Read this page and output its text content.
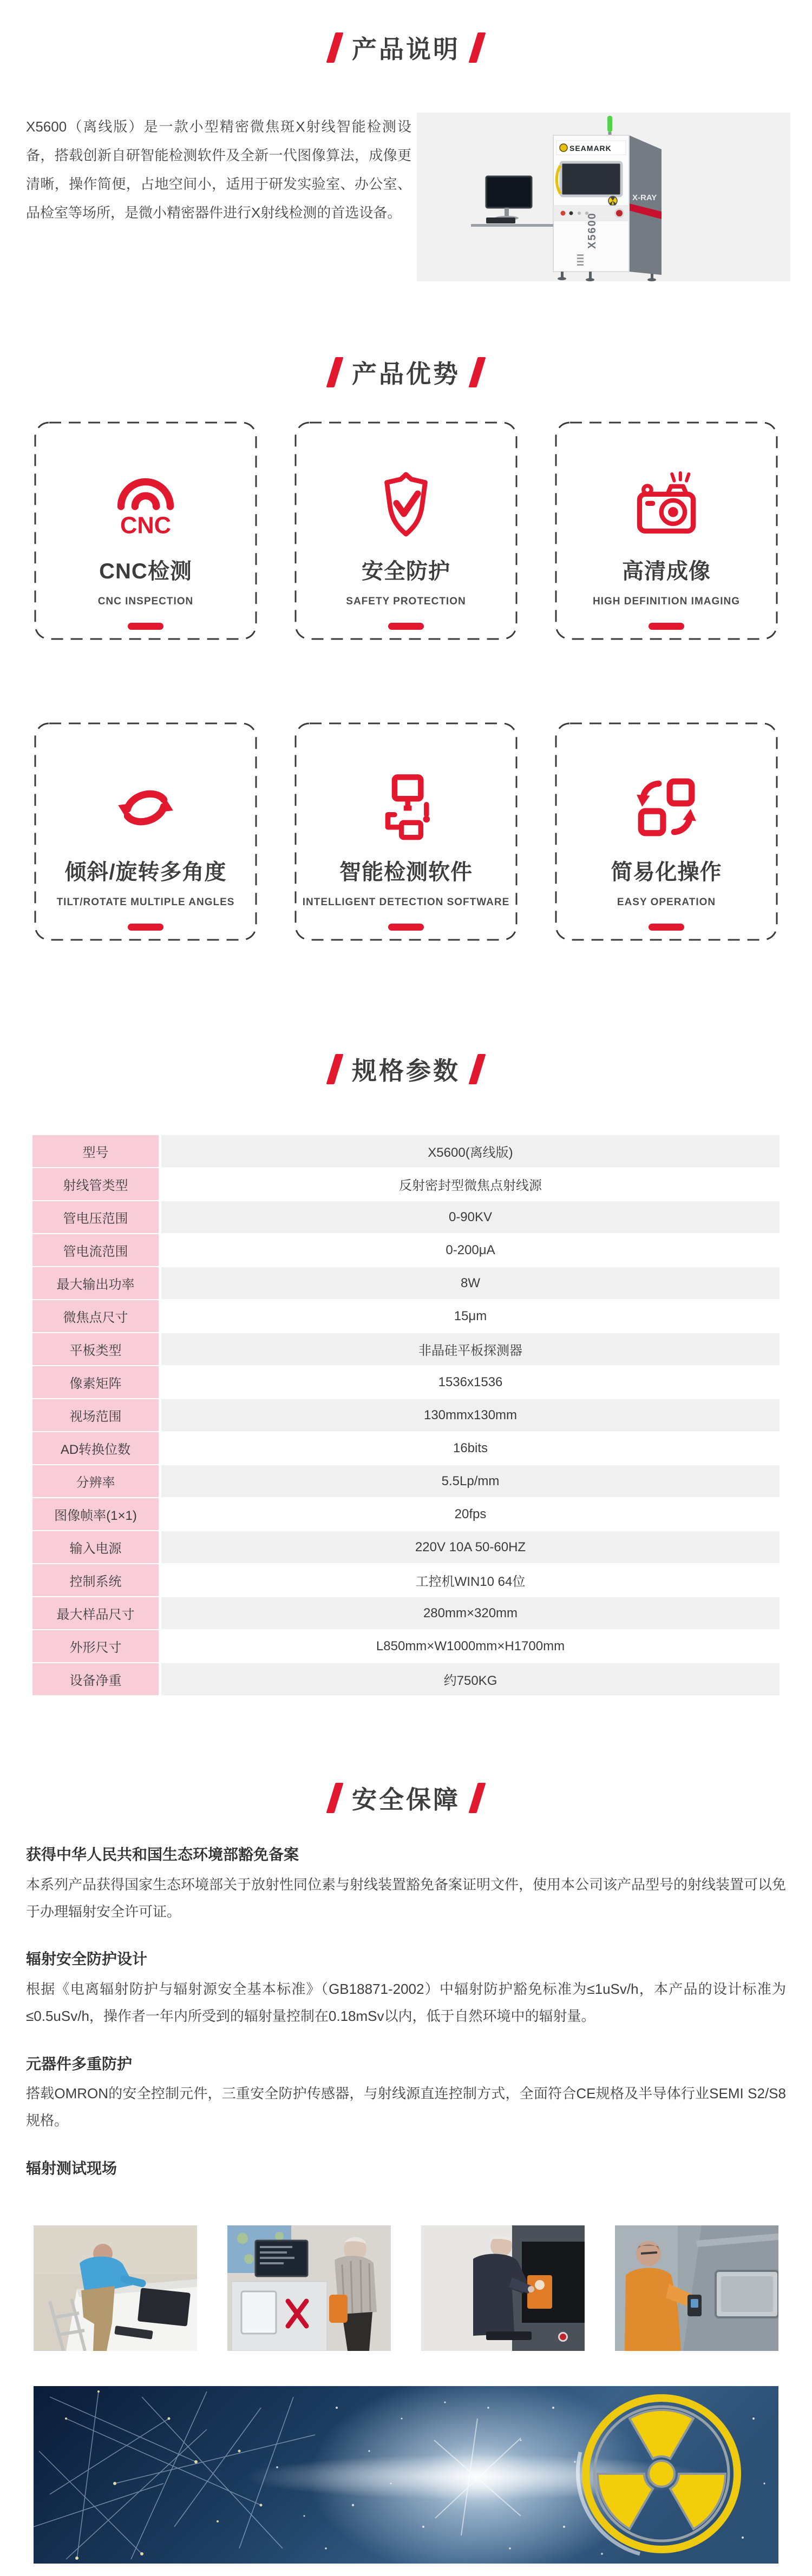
产品说明
X5600（离线版）是一款小型精密微焦斑X射线智能检测设备，搭载创新自研智能检测软件及全新一代图像算法，成像更清晰，操作简便，占地空间小，适用于研发实验室、办公室、品检室等场所，是微小精密器件进行X射线检测的首选设备。
X-RAY
SEAMARK
X5600
产品优势
CNC
CNC检测
CNC INSPECTION
安全防护
SAFETY PROTECTION
高清成像
HIGH DEFINITION IMAGING
倾斜/旋转多角度
TILT/ROTATE MULTIPLE ANGLES
智能检测软件
INTELLIGENT DETECTION SOFTWARE
简易化操作
EASY OPERATION
规格参数
型号	X5600(离线版)
射线管类型	反射密封型微焦点射线源
管电压范围	0-90KV
管电流范围	0-200μA
最大输出功率	8W
微焦点尺寸	15μm
平板类型	非晶硅平板探测器
像素矩阵	1536x1536
视场范围	130mmx130mm
AD转换位数	16bits
分辨率	5.5Lp/mm
图像帧率(1×1)	20fps
输入电源	220V 10A 50-60HZ
控制系统	工控机WIN10 64位
最大样品尺寸	280mm×320mm
外形尺寸	L850mm×W1000mm×H1700mm
设备净重	约750KG
安全保障
获得中华人民共和国生态环境部豁免备案
本系列产品获得国家生态环境部关于放射性同位素与射线装置豁免备案证明文件，使用本公司该产品型号的射线装置可以免于办理辐射安全许可证。
辐射安全防护设计
根据《电离辐射防护与辐射源安全基本标准》（GB18871-2002）中辐射防护豁免标准为≤1uSv/h，本产品的设计标准为≤0.5uSv/h，操作者一年内所受到的辐射量控制在0.18mSv以内，低于自然环境中的辐射量。
元器件多重防护
搭载OMRON的安全控制元件，三重安全防护传感器，与射线源直连控制方式，全面符合CE规格及半导体行业SEMI S2/S8规格。
辐射测试现场
